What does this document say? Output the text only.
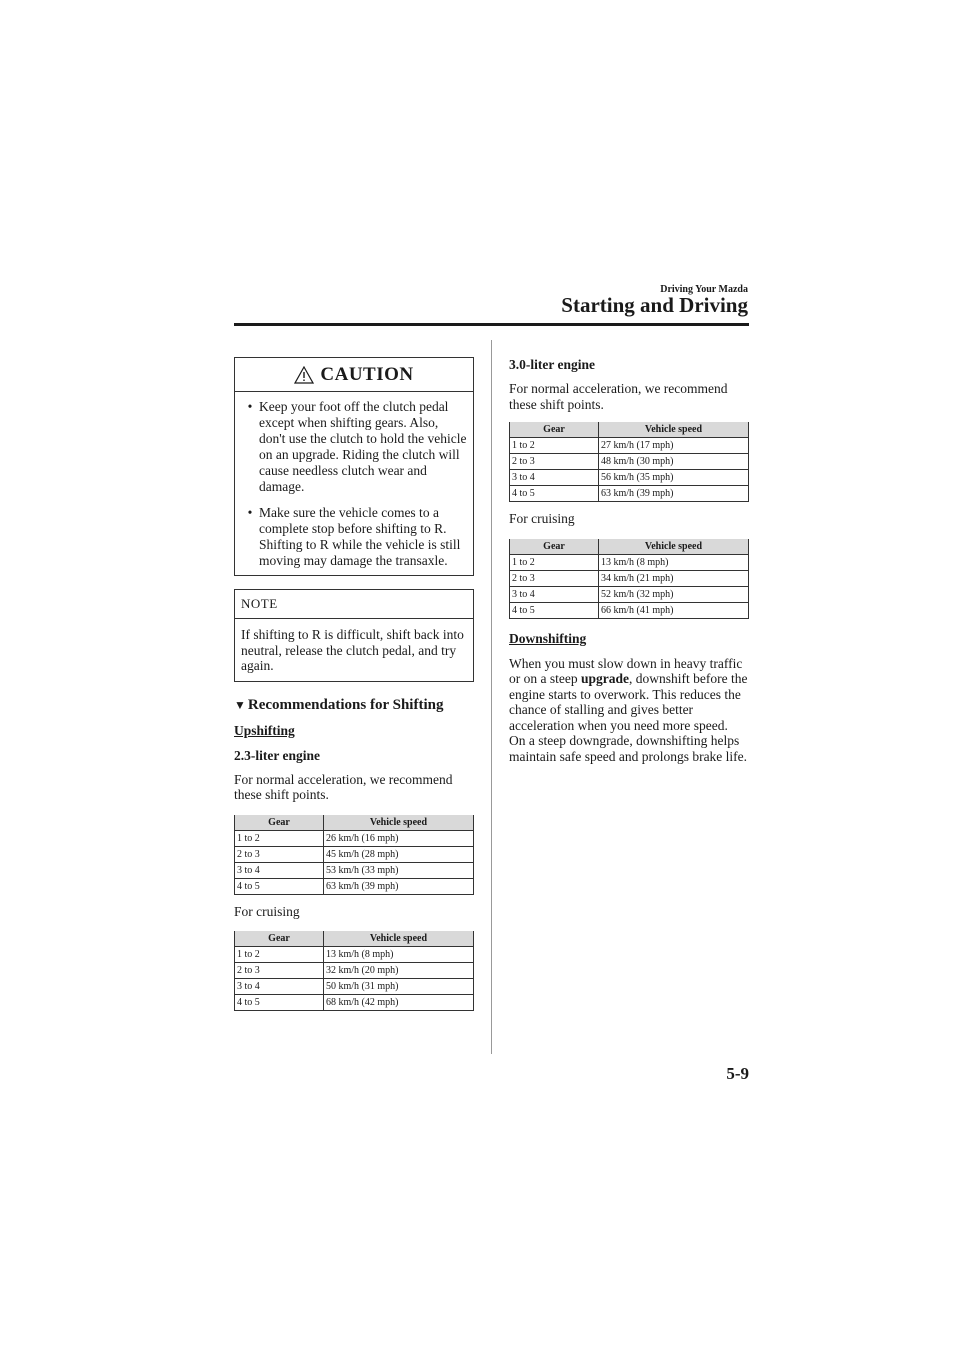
Driving Your Mazda
Starting and Driving
CAUTION
• Keep your foot off the clutch pedal except when shifting gears. Also, don't use the clutch to hold the vehicle on an upgrade. Riding the clutch will cause needless clutch wear and damage.
• Make sure the vehicle comes to a complete stop before shifting to R. Shifting to R while the vehicle is still moving may damage the transaxle.
NOTE
If shifting to R is difficult, shift back into neutral, release the clutch pedal, and try again.
▼ Recommendations for Shifting
Upshifting
2.3-liter engine
For normal acceleration, we recommend these shift points.
Gear	Vehicle speed
1 to 2	26 km/h (16 mph)
2 to 3	45 km/h (28 mph)
3 to 4	53 km/h (33 mph)
4 to 5	63 km/h (39 mph)
For cruising
Gear	Vehicle speed
1 to 2	13 km/h (8 mph)
2 to 3	32 km/h (20 mph)
3 to 4	50 km/h (31 mph)
4 to 5	68 km/h (42 mph)
3.0-liter engine
For normal acceleration, we recommend these shift points.
Gear	Vehicle speed
1 to 2	27 km/h (17 mph)
2 to 3	48 km/h (30 mph)
3 to 4	56 km/h (35 mph)
4 to 5	63 km/h (39 mph)
For cruising
Gear	Vehicle speed
1 to 2	13 km/h (8 mph)
2 to 3	34 km/h (21 mph)
3 to 4	52 km/h (32 mph)
4 to 5	66 km/h (41 mph)
Downshifting
When you must slow down in heavy traffic or on a steep upgrade, downshift before the engine starts to overwork. This reduces the chance of stalling and gives better acceleration when you need more speed.
On a steep downgrade, downshifting helps maintain safe speed and prolongs brake life.
5-9
